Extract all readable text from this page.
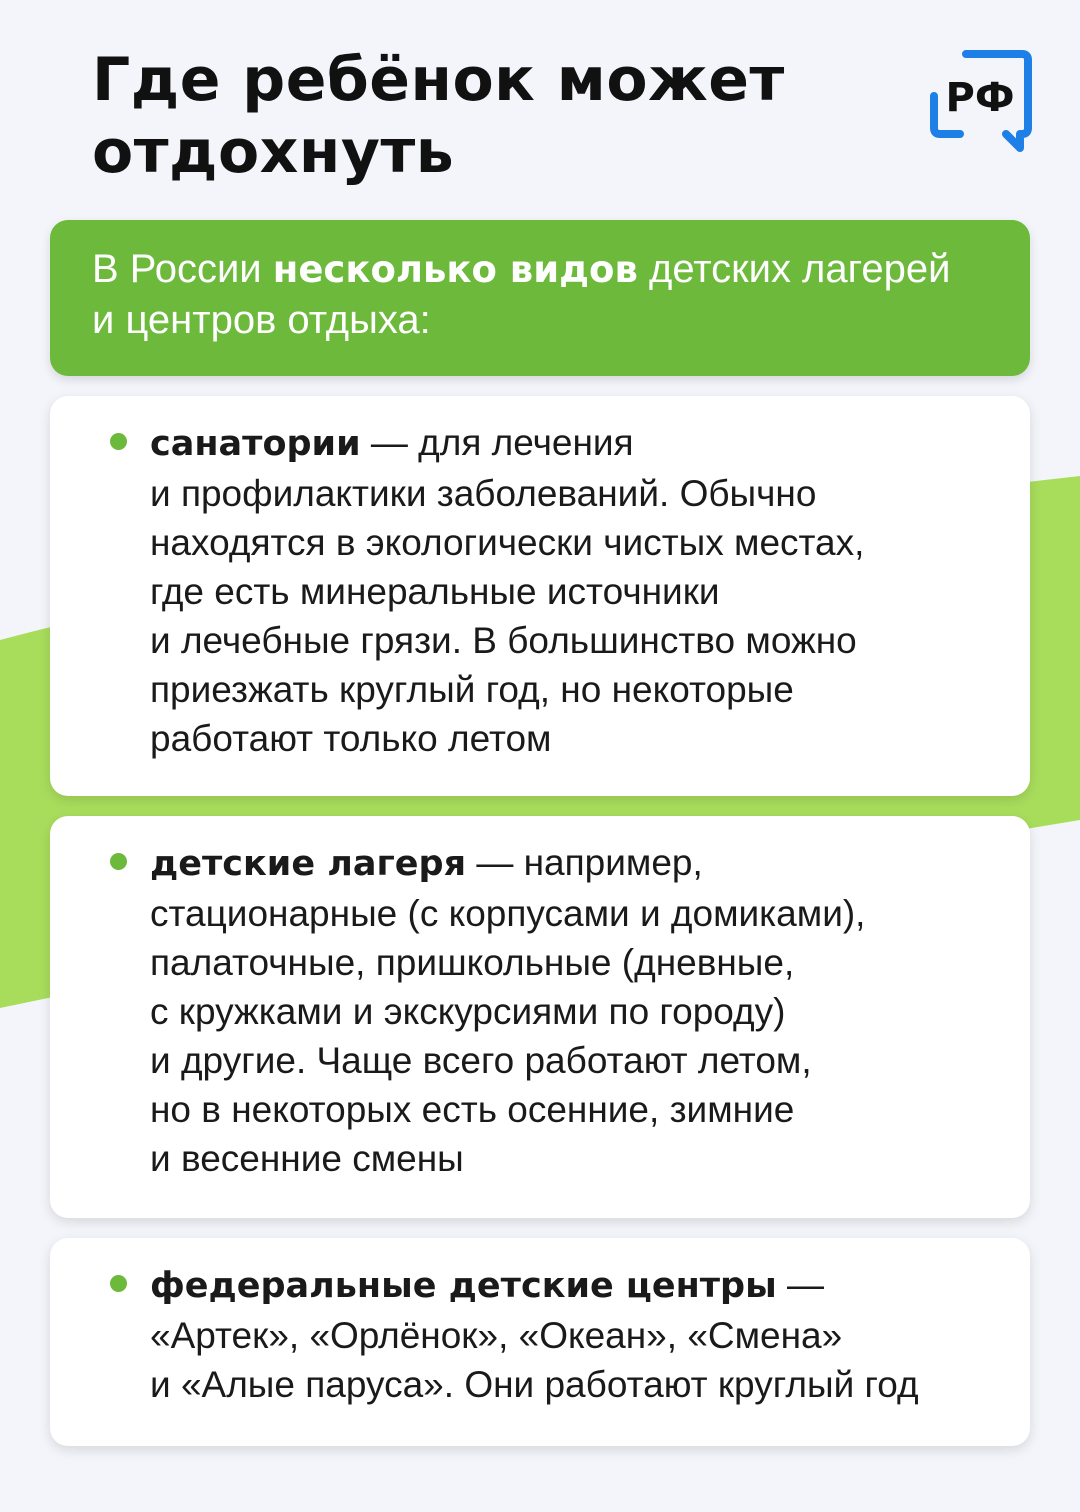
Где ребёнок может
отдохнуть
РФ
В России несколько видов детских лагерей
и центров отдыха:
санатории — для лечения
и профилактики заболеваний. Обычно
находятся в экологически чистых местах,
где есть минеральные источники
и лечебные грязи. В большинство можно
приезжать круглый год, но некоторые
работают только летом
детские лагеря — например,
стационарные (с корпусами и домиками),
палаточные, пришкольные (дневные,
с кружками и экскурсиями по городу)
и другие. Чаще всего работают летом,
но в некоторых есть осенние, зимние
и весенние смены
федеральные детские центры —
«Артек», «Орлёнок», «Океан», «Смена»
и «Алые паруса». Они работают круглый год
